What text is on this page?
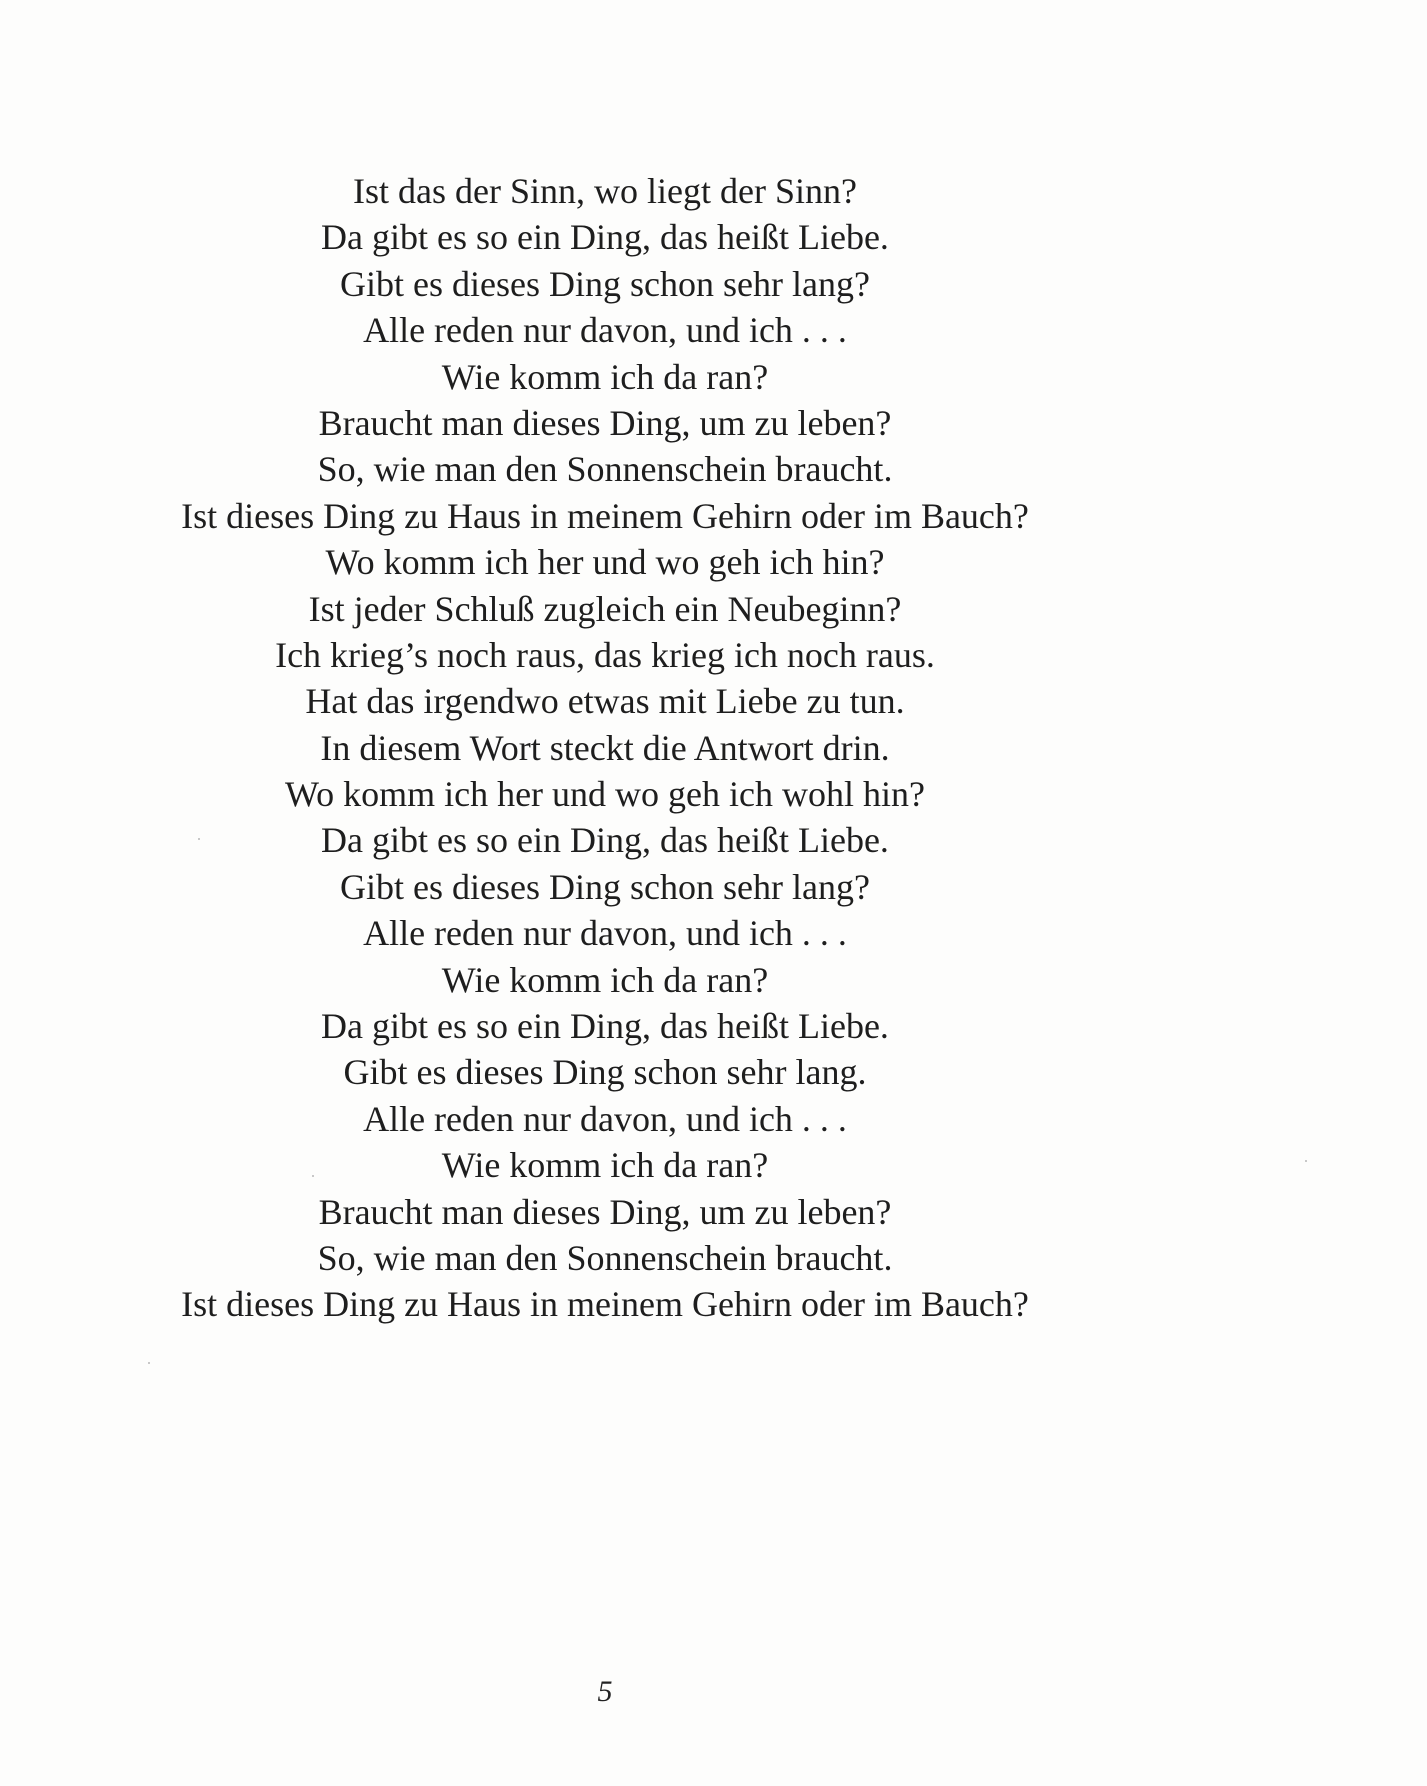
Ist das der Sinn, wo liegt der Sinn?
Da gibt es so ein Ding, das heißt Liebe.
Gibt es dieses Ding schon sehr lang?
Alle reden nur davon, und ich . . .
Wie komm ich da ran?
Braucht man dieses Ding, um zu leben?
So, wie man den Sonnenschein braucht.
Ist dieses Ding zu Haus in meinem Gehirn oder im Bauch?
Wo komm ich her und wo geh ich hin?
Ist jeder Schluß zugleich ein Neubeginn?
Ich krieg’s noch raus, das krieg ich noch raus.
Hat das irgendwo etwas mit Liebe zu tun.
In diesem Wort steckt die Antwort drin.
Wo komm ich her und wo geh ich wohl hin?
Da gibt es so ein Ding, das heißt Liebe.
Gibt es dieses Ding schon sehr lang?
Alle reden nur davon, und ich . . .
Wie komm ich da ran?
Da gibt es so ein Ding, das heißt Liebe.
Gibt es dieses Ding schon sehr lang.
Alle reden nur davon, und ich . . .
Wie komm ich da ran?
Braucht man dieses Ding, um zu leben?
So, wie man den Sonnenschein braucht.
Ist dieses Ding zu Haus in meinem Gehirn oder im Bauch?
5
